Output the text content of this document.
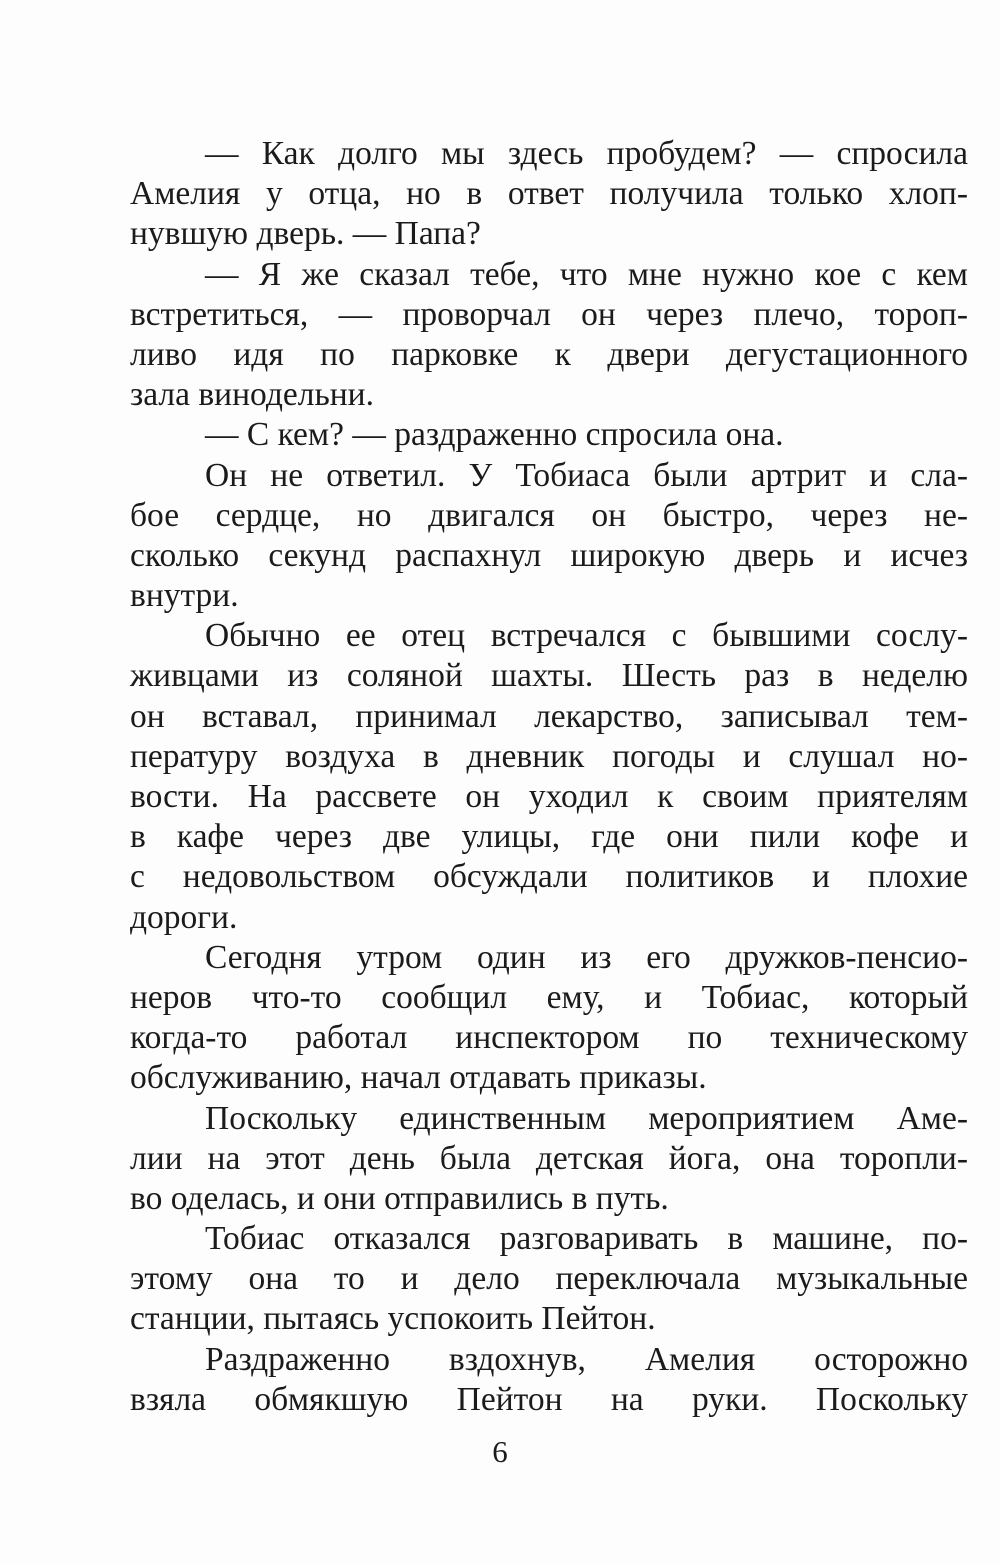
— Как долго мы здесь пробудем? — спросила
Амелия у отца, но в ответ получила только хлоп-
нувшую дверь. — Папа?
— Я же сказал тебе, что мне нужно кое с кем
встретиться, — проворчал он через плечо, тороп-
ливо идя по парковке к двери дегустационного
зала винодельни.
— С кем? — раздраженно спросила она.
Он не ответил. У Тобиаса были артрит и сла-
бое сердце, но двигался он быстро, через не-
сколько секунд распахнул широкую дверь и исчез
внутри.
Обычно ее отец встречался с бывшими сослу-
живцами из соляной шахты. Шесть раз в неделю
он вставал, принимал лекарство, записывал тем-
пературу воздуха в дневник погоды и слушал но-
вости. На рассвете он уходил к своим приятелям
в кафе через две улицы, где они пили кофе и
с недовольством обсуждали политиков и плохие
дороги.
Сегодня утром один из его дружков-пенсио-
неров что-то сообщил ему, и Тобиас, который
когда-то работал инспектором по техническому
обслуживанию, начал отдавать приказы.
Поскольку единственным мероприятием Аме-
лии на этот день была детская йога, она торопли-
во оделась, и они отправились в путь.
Тобиас отказался разговаривать в машине, по-
этому она то и дело переключала музыкальные
станции, пытаясь успокоить Пейтон.
Раздраженно вздохнув, Амелия осторожно
взяла обмякшую Пейтон на руки. Поскольку
6
